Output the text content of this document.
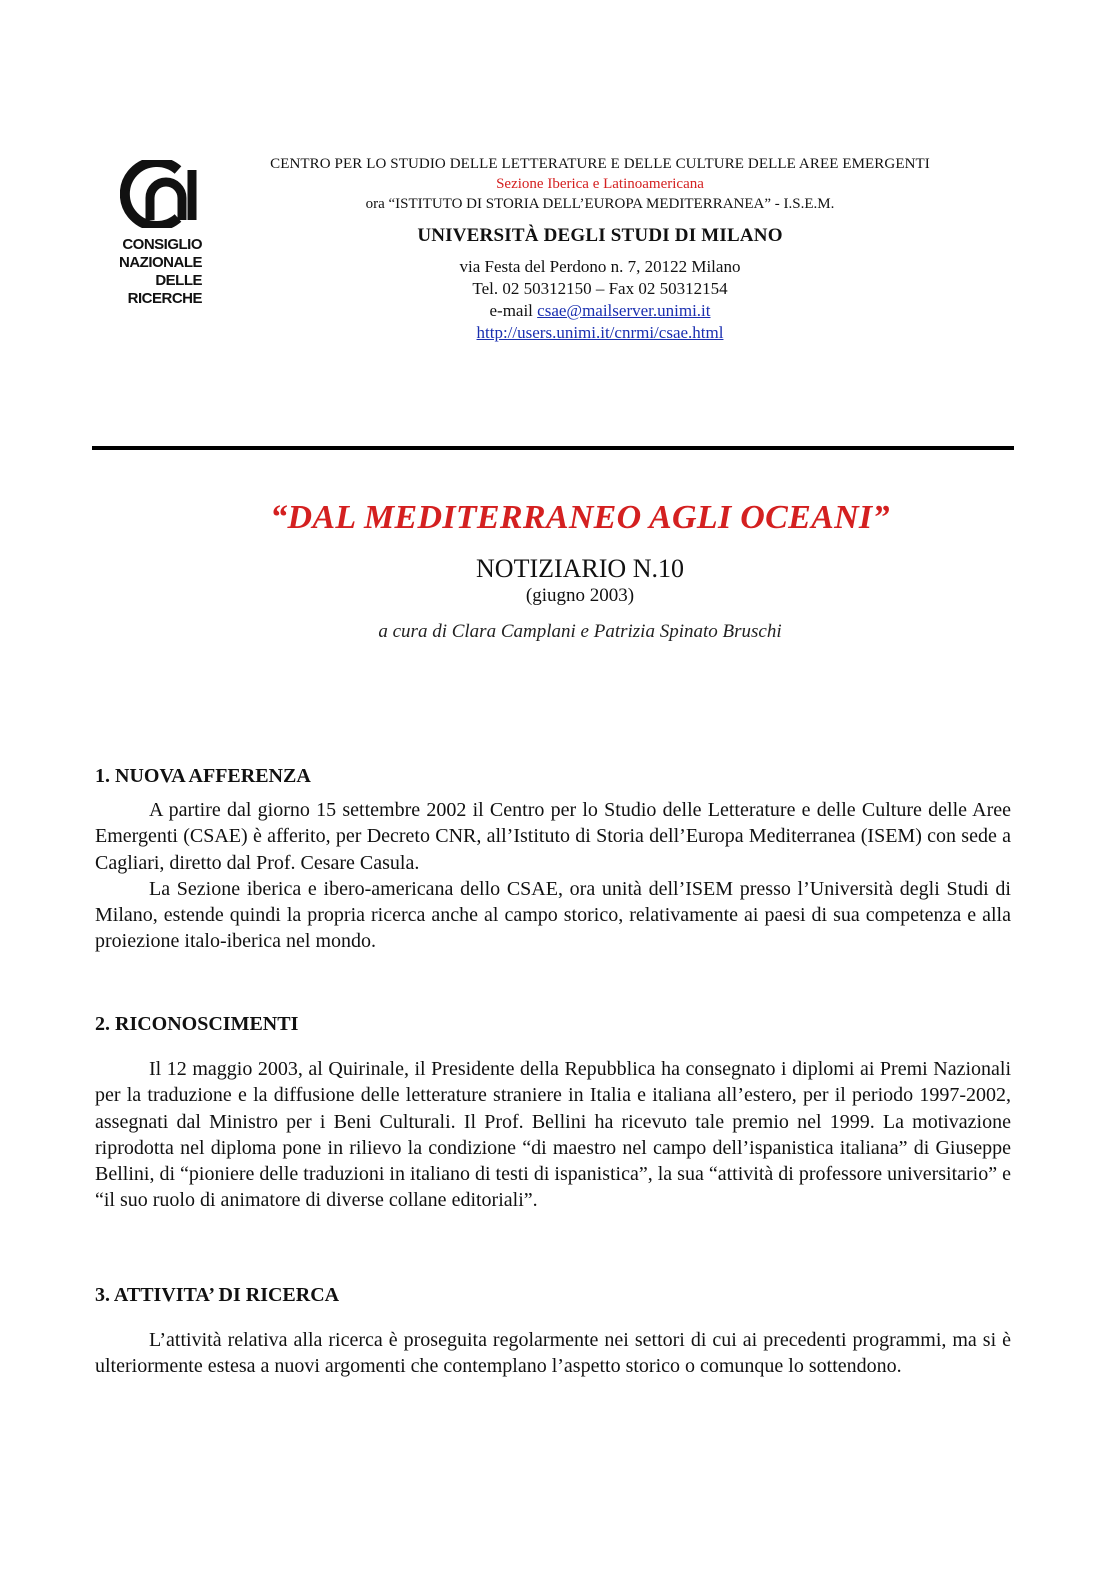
CONSIGLIO
NAZIONALE
DELLE
RICERCHE
CENTRO PER LO STUDIO DELLE LETTERATURE E DELLE CULTURE DELLE AREE EMERGENTI
Sezione Iberica e Latinoamericana
ora “ISTITUTO DI STORIA DELL’EUROPA MEDITERRANEA” - I.S.E.M.
UNIVERSITÀ DEGLI STUDI DI MILANO
via Festa del Perdono n. 7, 20122 Milano
Tel. 02 50312150 – Fax 02 50312154
e-mail csae@mailserver.unimi.it
http://users.unimi.it/cnrmi/csae.html
“DAL MEDITERRANEO AGLI OCEANI”
NOTIZIARIO N.10
(giugno 2003)
a cura di Clara Camplani e Patrizia Spinato Bruschi
1. NUOVA AFFERENZA

A partire dal giorno 15 settembre 2002 il Centro per lo Studio delle Letterature e delle Culture delle Aree Emergenti (CSAE) è afferito, per Decreto CNR, all’Istituto di Storia dell’Europa Mediterranea (ISEM) con sede a Cagliari, diretto dal Prof. Cesare Casula.

La Sezione iberica e ibero-americana dello CSAE, ora unità dell’ISEM presso l’Università degli Studi di Milano, estende quindi la propria ricerca anche al campo storico, relativamente ai paesi di sua competenza e alla proiezione italo-iberica nel mondo.

2. RICONOSCIMENTI

Il 12 maggio 2003, al Quirinale, il Presidente della Repubblica ha consegnato i diplomi ai Premi Nazionali per la traduzione e la diffusione delle letterature straniere in Italia e italiana all’estero, per il periodo 1997-2002, assegnati dal Ministro per i Beni Culturali. Il Prof. Bellini ha ricevuto tale premio nel 1999. La motivazione riprodotta nel diploma pone in rilievo la condizione “di maestro nel campo dell’ispanistica italiana” di Giuseppe Bellini, di “pioniere delle traduzioni in italiano di testi di ispanistica”, la sua “attività di professore universitario” e “il suo ruolo di animatore di diverse collane editoriali”.

3. ATTIVITA’ DI RICERCA

L’attività relativa alla ricerca è proseguita regolarmente nei settori di cui ai precedenti programmi, ma si è ulteriormente estesa a nuovi argomenti che contemplano l’aspetto storico o comunque lo sottendono.
